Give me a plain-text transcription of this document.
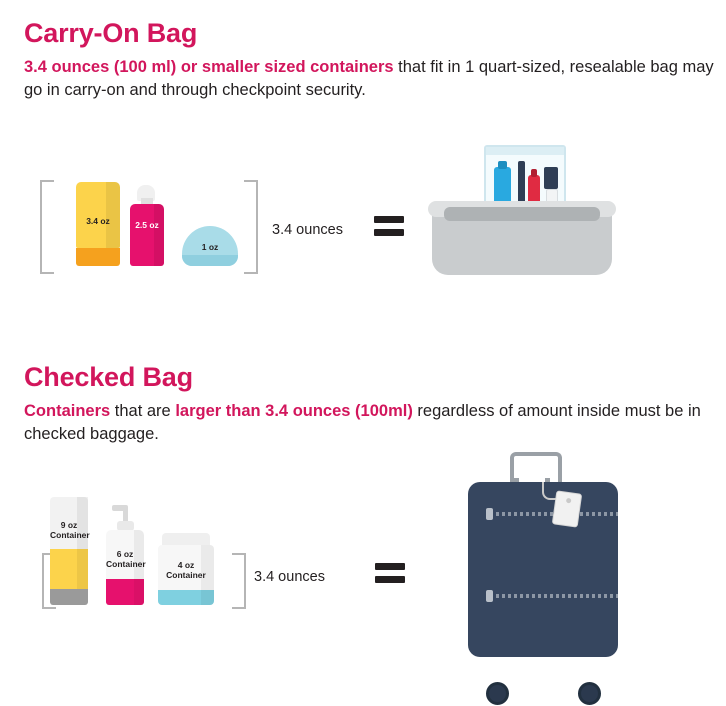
Carry-On Bag
3.4 ounces (100 ml) or smaller sized containers that fit in 1 quart-sized, resealable bag may go in carry-on and through checkpoint security.
3.4 oz	2.5 oz
1 oz
3.4 ounces
Checked Bag
Containers that are larger than 3.4 ounces (100ml) regardless of amount inside must be in checked baggage.
9 oz
Container
6 oz
Container	4 oz
Container	3.4 ounces
